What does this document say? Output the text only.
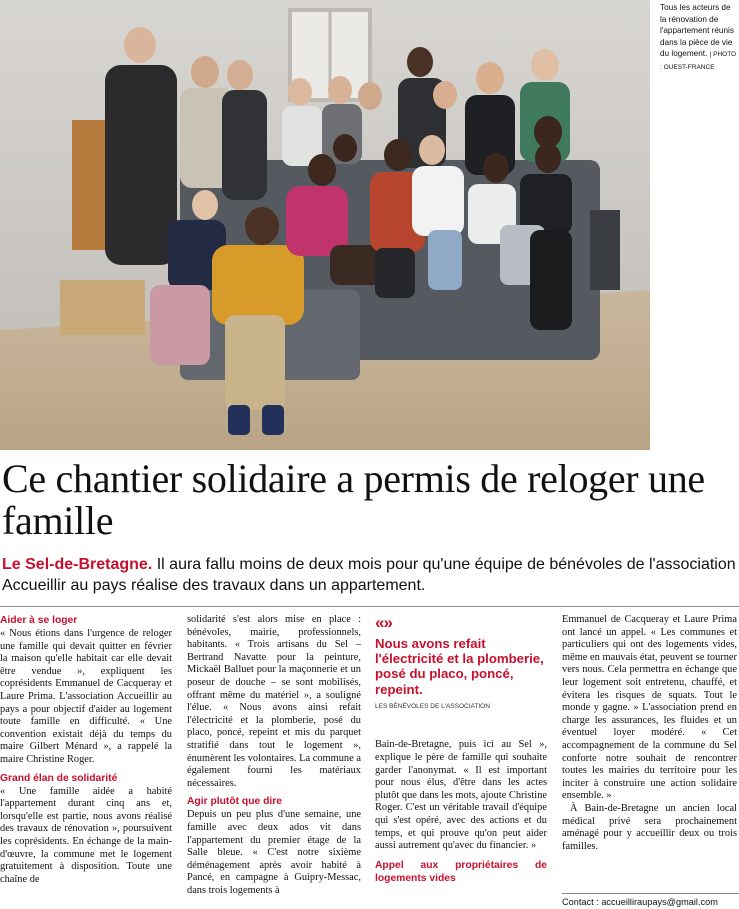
Tous les acteurs de la rénovation de l'appartement réunis dans la pièce de vie du logement. | PHOTO : OUEST-FRANCE
Ce chantier solidaire a permis de reloger une famille
Le Sel-de-Bretagne. Il aura fallu moins de deux mois pour qu'une équipe de bénévoles de l'association Accueillir au pays réalise des travaux dans un appartement.
Aider à se loger

« Nous étions dans l'urgence de reloger une famille qui devait quitter en février la maison qu'elle habitait car elle devait être vendue », expliquent les coprésidents Emmanuel de Cacqueray et Laure Prima. L'association Accueillir au pays a pour objectif d'aider au logement toute famille en difficulté. « Une convention existait déjà du temps du maire Gilbert Ménard », a rappelé la maire Christine Roger.

Grand élan de solidarité

« Une famille aidée a habité l'appartement durant cinq ans et, lorsqu'elle est partie, nous avons réalisé des travaux de rénovation », poursuivent les coprésidents. En échange de la main-d'œuvre, la commune met le logement gratuitement à disposition. Toute une chaîne de

solidarité s'est alors mise en place : bénévoles, mairie, professionnels, habitants. « Trois artisans du Sel – Bertrand Navatte pour la peinture, Mickaël Balluet pour la maçonnerie et un poseur de douche – se sont mobilisés, offrant même du matériel », a souligné l'élue. « Nous avons ainsi refait l'électricité et la plomberie, posé du placo, poncé, repeint et mis du parquet stratifié dans tout le logement », énumèrent les volontaires. La commune a également fourni les matériaux nécessaires.

Agir plutôt que dire

Depuis un peu plus d'une semaine, une famille avec deux ados vit dans l'appartement du premier étage de la Salle bleue. « C'est notre sixième déménagement après avoir habité à Pancé, en campagne à Guipry-Messac, dans trois logements à

«»
Nous avons refait l'électricité et la plomberie, posé du placo, poncé, repeint.
LES BÉNÉVOLES DE L'ASSOCIATION

Bain-de-Bretagne, puis ici au Sel », explique le père de famille qui souhaite garder l'anonymat. « Il est important pour nous élus, d'être dans les actes plutôt que dans les mots, ajoute Christine Roger. C'est un véritable travail d'équipe qui s'est opéré, avec des actions et du temps, et qui prouve qu'on peut aider aussi autrement qu'avec du financier. »

Appel aux propriétaires de logements vides

Emmanuel de Cacqueray et Laure Prima ont lancé un appel. « Les communes et particuliers qui ont des logements vides, même en mauvais état, peuvent se tourner vers nous. Cela permettra en échange que leur logement soit entretenu, chauffé, et évitera les risques de squats. Tout le monde y gagne. » L'association prend en charge les assurances, les fluides et un éventuel loyer modéré. « Cet accompagnement de la commune du Sel conforte notre souhait de rencontrer toutes les mairies du territoire pour les inciter à construire une action solidaire ensemble. »

À Bain-de-Bretagne un ancien local médical privé sera prochainement aménagé pour y accueillir deux ou trois familles.

Contact : accueilliraupays@gmail.com
